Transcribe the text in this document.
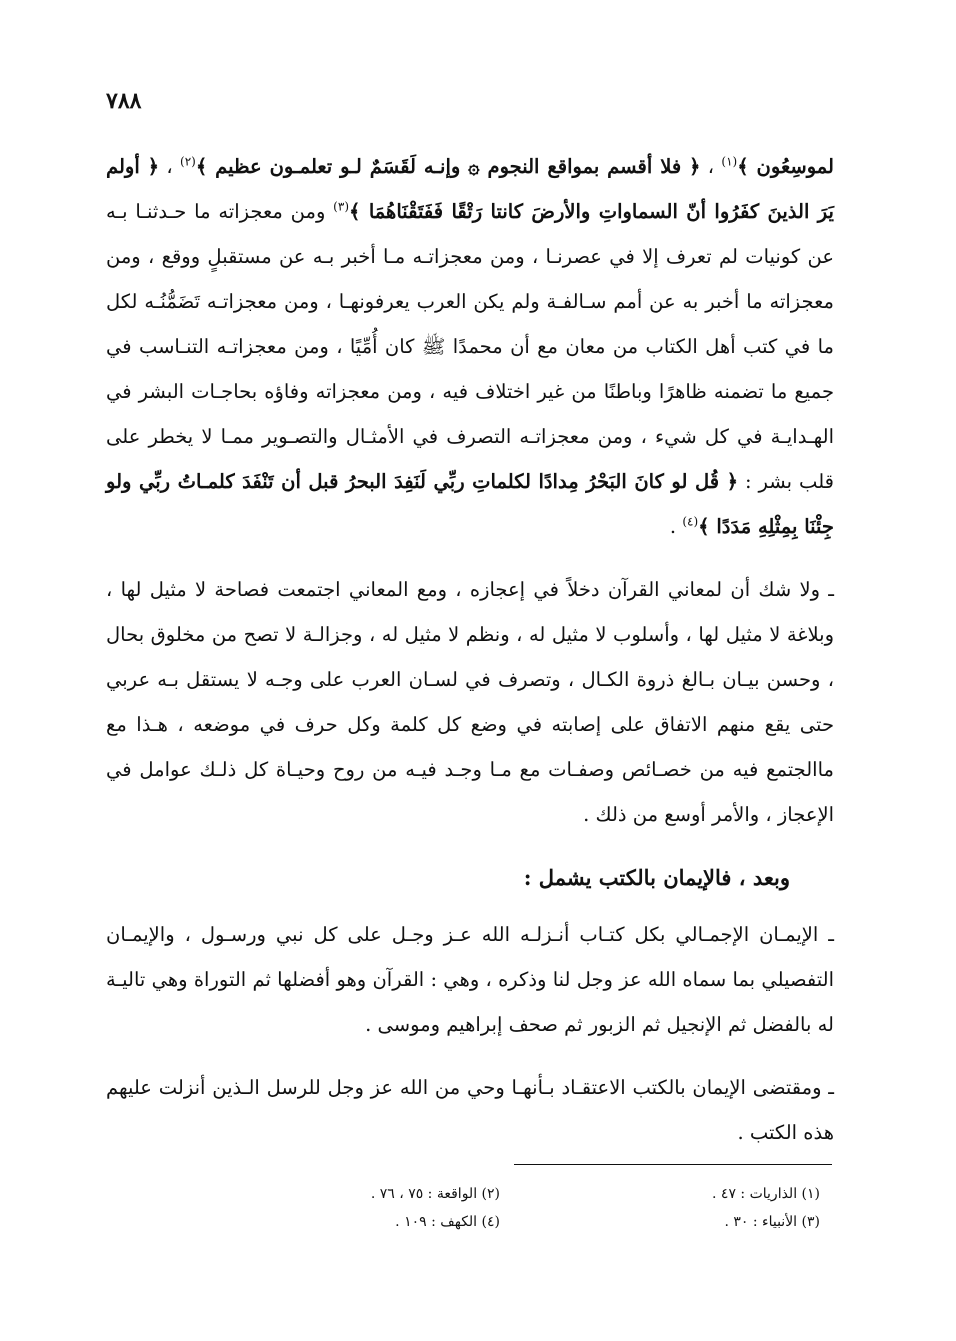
٧٨٨

لموسِعُون ﴾$^{(١)}$ ، ﴿ فلا أقسم بمواقع النجوم ۞ وإنـه لَقَسَمٌ لـو تعلمـون عظيم ﴾$^{(٢)}$ ، ﴿ أولم يَرَ الذينَ كفَرُوا أنّ السماواتِ والأرضَ كانتا رَتْقًا فَفَتَقْنَاهُمَا ﴾$^{(٣)}$ ومن معجزاته ما حـدثنـا بـه عن كونيات لم تعرف إلا في عصرنـا ، ومن معجزاتـه مـا أخبر بـه عن مستقبلٍ ووقع ، ومن معجزاته ما أخبر به عن أمم سـالفـة ولم يكن العرب يعرفونهـا ، ومن معجزاتـه تَضَمُّنُـه لكل ما في كتب أهل الكتاب من معان مع أن محمدًا ﷺ كان أُمِّيًا ، ومن معجزاتـه التنـاسب في جميع ما تضمنه ظاهرًا وباطنًا من غير اختلاف فيه ، ومن معجزاته وفاؤه بحاجـات البشر في الهـدايـة في كل شيء ، ومن معجزاتـه التصرف في الأمثـال والتصـوير ممـا لا يخطر على قلب بشر : ﴿ قُل لو كانَ البَحْرُ مِدادًا لكلماتِ ربِّي لَنَفِدَ البحرُ قبل أن تَنْفَدَ كلمـاتُ ربِّي ولو جِئْنَا بِمِثْلِهِ مَدَدًا ﴾$^{(٤)}$ .

ـ ولا شك أن لمعاني القرآن دخلاً في إعجازه ، ومع المعاني اجتمعت فصاحة لا مثيل لها ، وبلاغة لا مثيل لها ، وأسلوب لا مثيل له ، ونظم لا مثيل له ، وجزالـة لا تصح من مخلوق بحال ، وحسن بيـان بـالغ ذروة الكـال ، وتصرف في لسـان العرب على وجـه لا يستقل بـه عربي حتى يقع منهم الاتفاق على إصابته في وضع كل كلمة وكل حرف في موضعه ، هـذا مع ماالجتمع فيه من خصـائص وصفـات مع مـا وجـد فيـه من روح وحيـاة كل ذلـك عوامل في الإعجاز ، والأمر أوسع من ذلك .

وبعد ، فالإيمان بالكتب يشمل :

ـ الإيمـان الإجمـالي بكل كتـاب أنـزلـه الله عـز وجـل على كل نبي ورسـول ، والإيمـان التفصيلي بما سماه الله عز وجل لنا وذكره ، وهي : القرآن وهو أفضلها ثم التوراة وهي تاليـة له بالفضل ثم الإنجيل ثم الزبور ثم صحف إبراهيم وموسى .

ـ ومقتضى الإيمان بالكتب الاعتقـاد بـأنهـا وحي من الله عز وجل للرسل الـذين أنزلت عليهم هذه الكتب .

(١) الذاريات : ٤٧ .
(٢) الواقعة : ٧٥ ، ٧٦ .
(٣) الأنبياء : ٣٠ .
(٤) الكهف : ١٠٩ .
